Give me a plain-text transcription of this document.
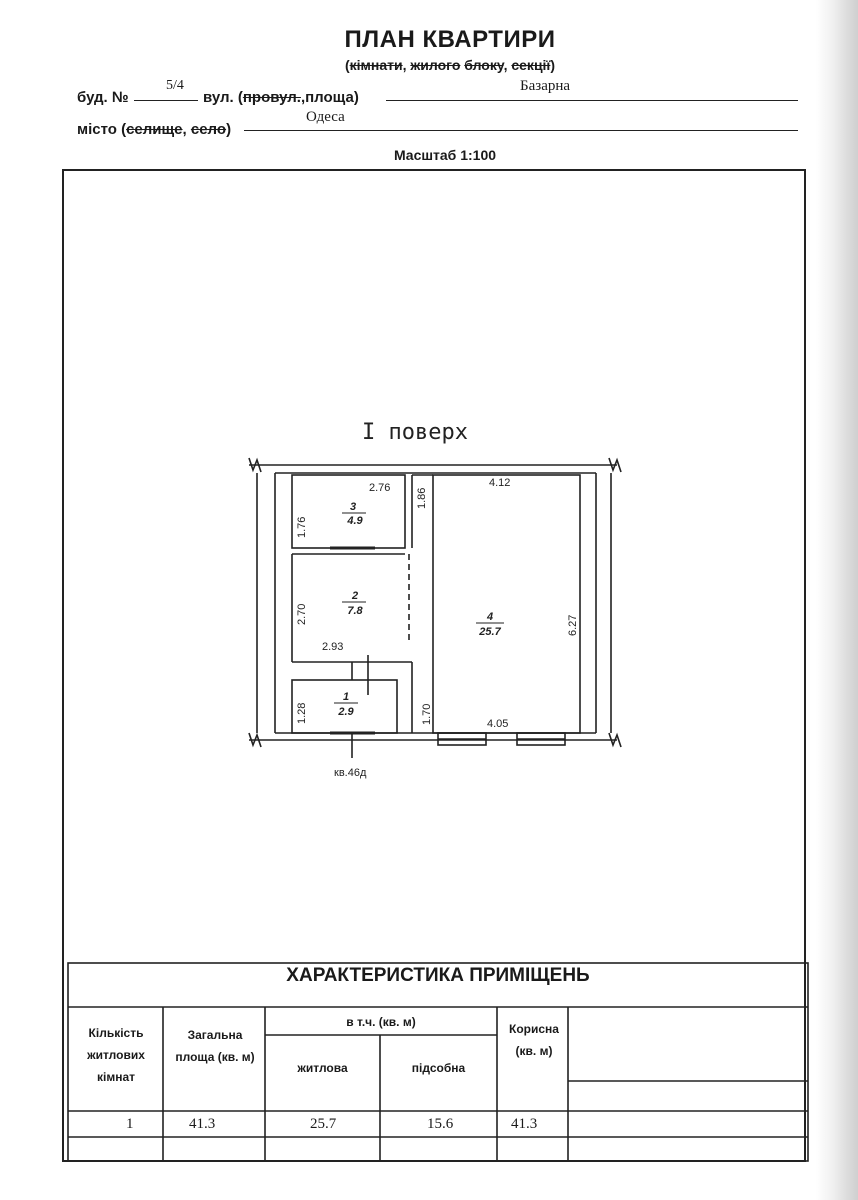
ПЛАН КВАРТИРИ
(кімнати, жилого блоку, секції)
буд. №
5/4
вул. (провул.,площа)
Базарна
місто (селище, село)
Одеса
Масштаб 1:100
I поверх
3
4.9
2
7.8	4
25.7
1
2.9
2.76	4.12
2.93
4.05
1.86
1.76
2.70
6.27
1.70
1.28
кв.46д
ХАРАКТЕРИСТИКА ПРИМІЩЕНЬ
Кількість житлових кімнат
Загальна площа (кв. м)
в т.ч. (кв. м)
житлова	підсобна
Корисна (кв. м)
1	41.3	25.7	15.6	41.3
